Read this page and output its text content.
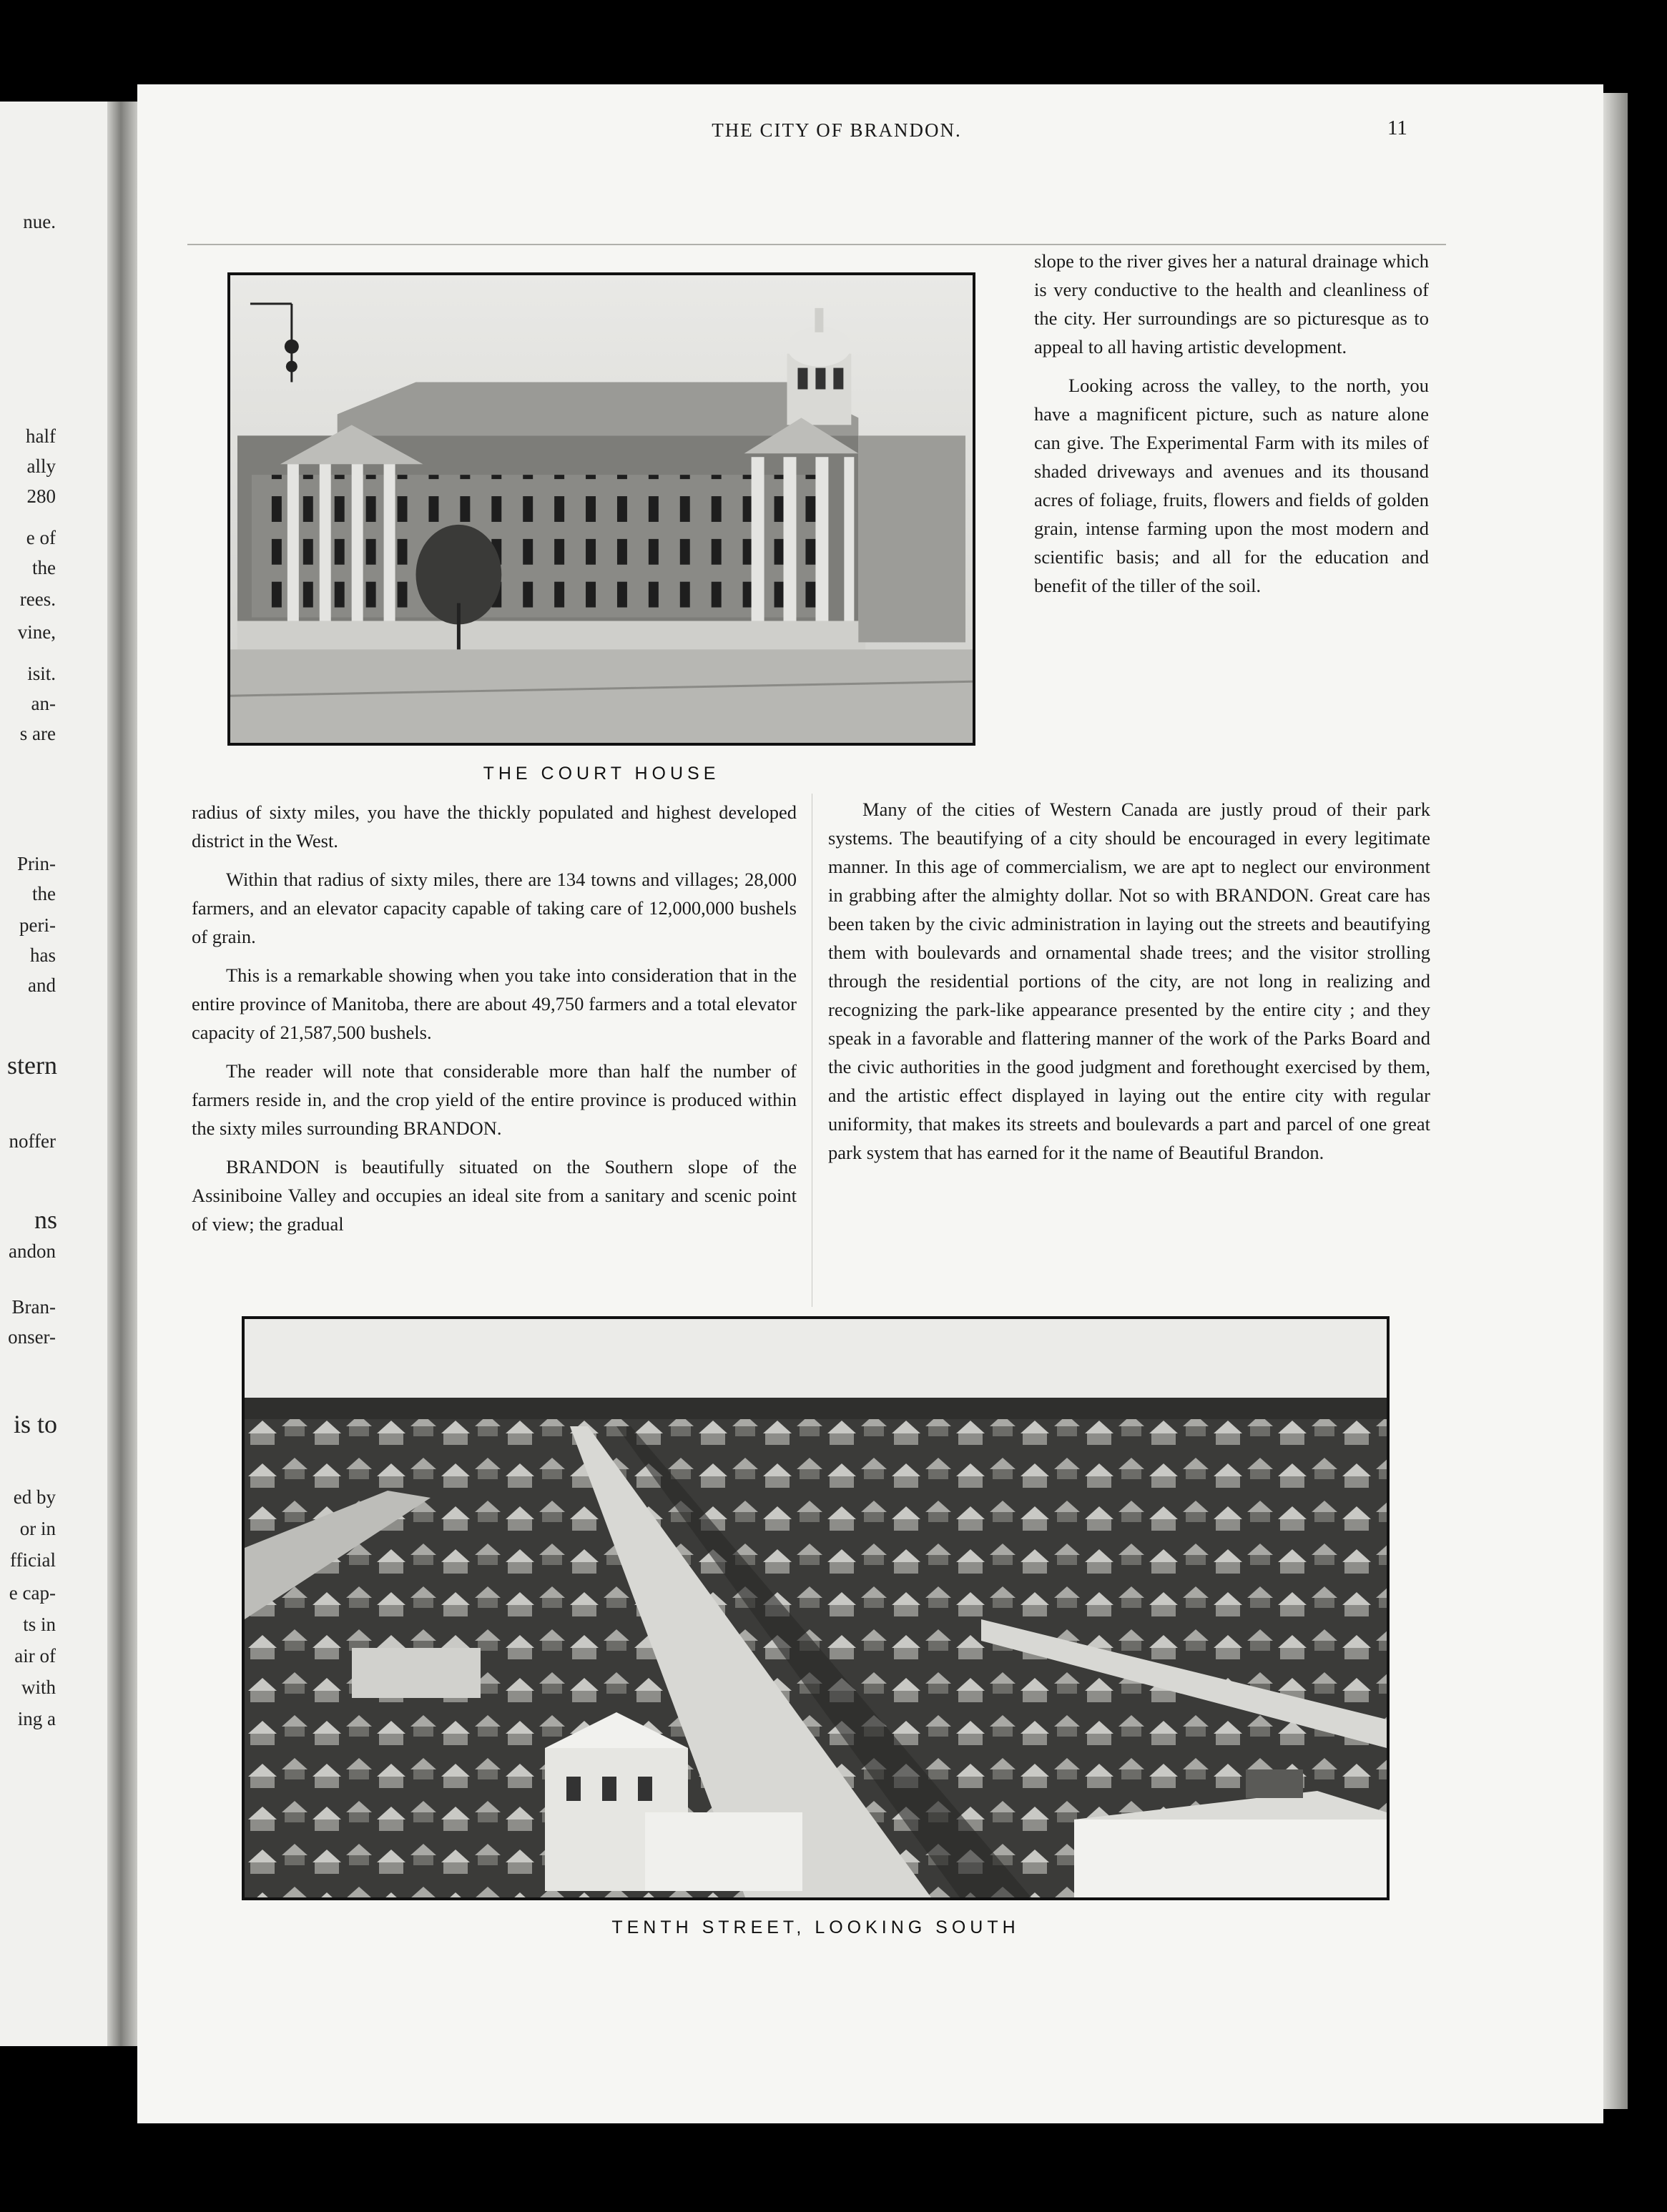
nue.
half
ally
280
e of
the
rees.
vine,
isit.
an-
s are
Prin-
the
peri-
has
and
stern
noffer
ns
andon
Bran-
onser-
is to
ed by
or in
fficial
e cap-
ts in
air of
with
ing a
THE CITY OF BRANDON.	11
THE COURT HOUSE

slope to the river gives her a natural drainage which is very conductive to the health and cleanliness of the city. Her surroundings are so picturesque as to appeal to all having artistic development.

Looking across the valley, to the north, you have a magnificent picture, such as nature alone can give. The Experimental Farm with its miles of shaded driveways and avenues and its thousand acres of foliage, fruits, flowers and fields of golden grain, intense farming upon the most modern and scientific basis; and all for the education and benefit of the tiller of the soil.

radius of sixty miles, you have the thickly populated and highest developed district in the West.

Within that radius of sixty miles, there are 134 towns and villages; 28,000 farmers, and an elevator capacity capable of taking care of 12,000,000 bushels of grain.

This is a remarkable showing when you take into consideration that in the entire province of Manitoba, there are about 49,750 farmers and a total elevator capacity of 21,587,500 bushels.

The reader will note that considerable more than half the number of farmers reside in, and the crop yield of the entire province is produced within the sixty miles surrounding BRANDON.

BRANDON is beautifully situated on the Southern slope of the Assiniboine Valley and occupies an ideal site from a sanitary and scenic point of view; the gradual

Many of the cities of Western Canada are justly proud of their park systems. The beautifying of a city should be encouraged in every legitimate manner. In this age of commercialism, we are apt to neglect our environment in grabbing after the almighty dollar. Not so with BRANDON. Great care has been taken by the civic administration in laying out the streets and beautifying them with boulevards and ornamental shade trees; and the visitor strolling through the residential portions of the city, are not long in realizing and recognizing the park-like appearance presented by the entire city ; and they speak in a favorable and flattering manner of the work of the Parks Board and the civic authorities in the good judgment and forethought exercised by them, and the artistic effect displayed in laying out the entire city with regular uniformity, that makes its streets and boulevards a part and parcel of one great park system that has earned for it the name of Beautiful Brandon.

TENTH STREET, LOOKING SOUTH
